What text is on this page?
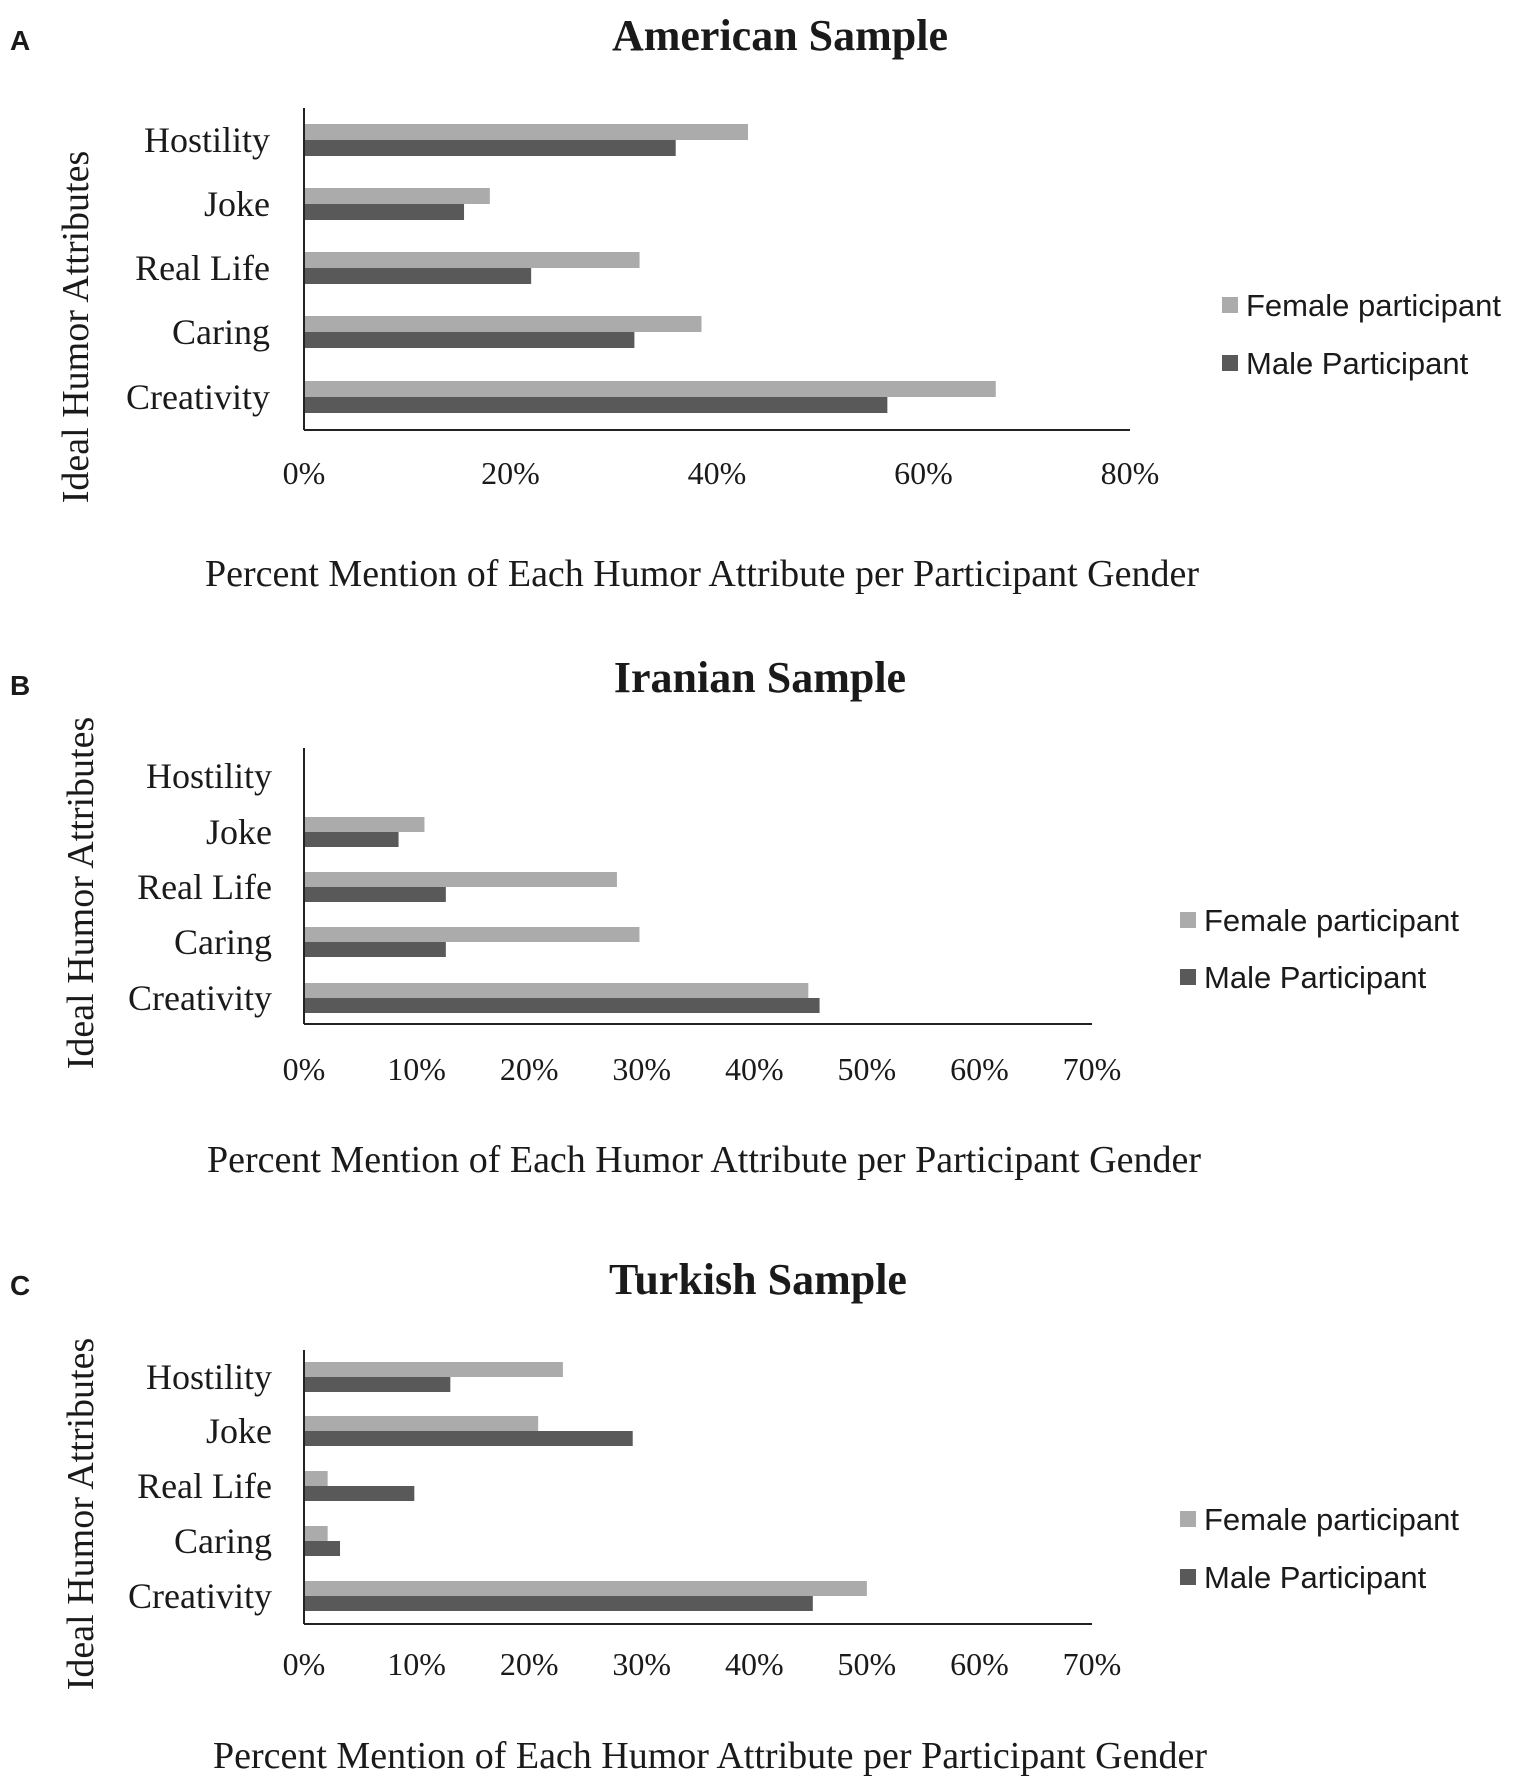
A	American Sample
Hostility
Joke
Real Life
Caring
Creativity
0%	20%	40%	60%	80%
Percent Mention of Each Humor Attribute per Participant Gender
Ideal Humor Attributes	Female participant
Male Participant
B	Iranian Sample
Hostility
Joke
Real Life
Caring
Creativity
0% 10% 20% 30% 40% 50% 60% 70%
Percent Mention of Each Humor Attribute per Participant Gender
Ideal Humor Attributes	Female participant
Male Participant
C	Turkish Sample
Hostility
Joke
Real Life
Caring
Creativity
0% 10% 20% 30% 40% 50% 60% 70%
Percent Mention of Each Humor Attribute per Participant Gender
Ideal Humor Attributes	Female participant
Male Participant
